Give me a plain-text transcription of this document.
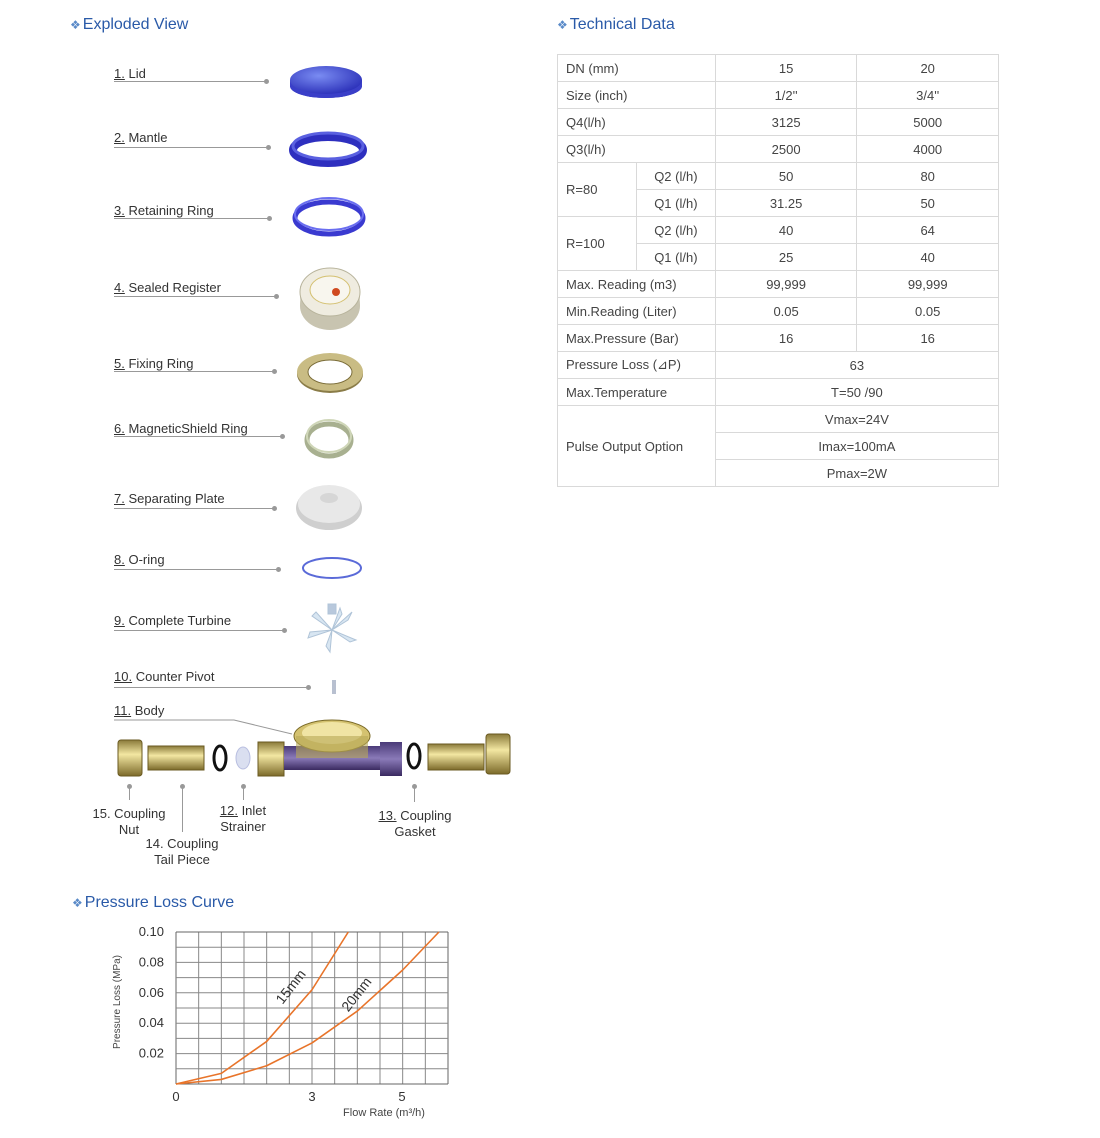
❖ Exploded View	❖ Technical Data
❖ Pressure Loss Curve
1. Lid
2. Mantle
3. Retaining Ring
4. Sealed Register
5. Fixing Ring
6. MagneticShield Ring
7. Separating Plate
8. O-ring
9. Complete Turbine
10. Counter Pivot
11. Body
15. Coupling
Nut
14. Coupling
Tail Piece
12. Inlet
Strainer
13. Coupling
Gasket
DN (mm)		15	20
Size (inch)		1/2''	3/4''
Q4(l/h)		3125	5000
Q3(l/h)		2500	4000
R=80	Q2 (l/h)	50	80
	Q1 (l/h)	31.25	50
R=100	Q2 (l/h)	40	64
	Q1 (l/h)	25	40
Max. Reading (m3)		99,999	99,999
Min.Reading (Liter)		0.05	0.05
Max.Pressure (Bar)		16	16
Pressure Loss (⊿P)		63	
Max.Temperature		T=50 /90	
Pulse Output Option		Vmax=24V	
		Imax=100mA	
		Pmax=2W	
0.02
0.04
0.06
0.08
0.10
0	3	5
15mm 20mm
Pressure Loss (MPa)
Flow Rate (m³/h)
